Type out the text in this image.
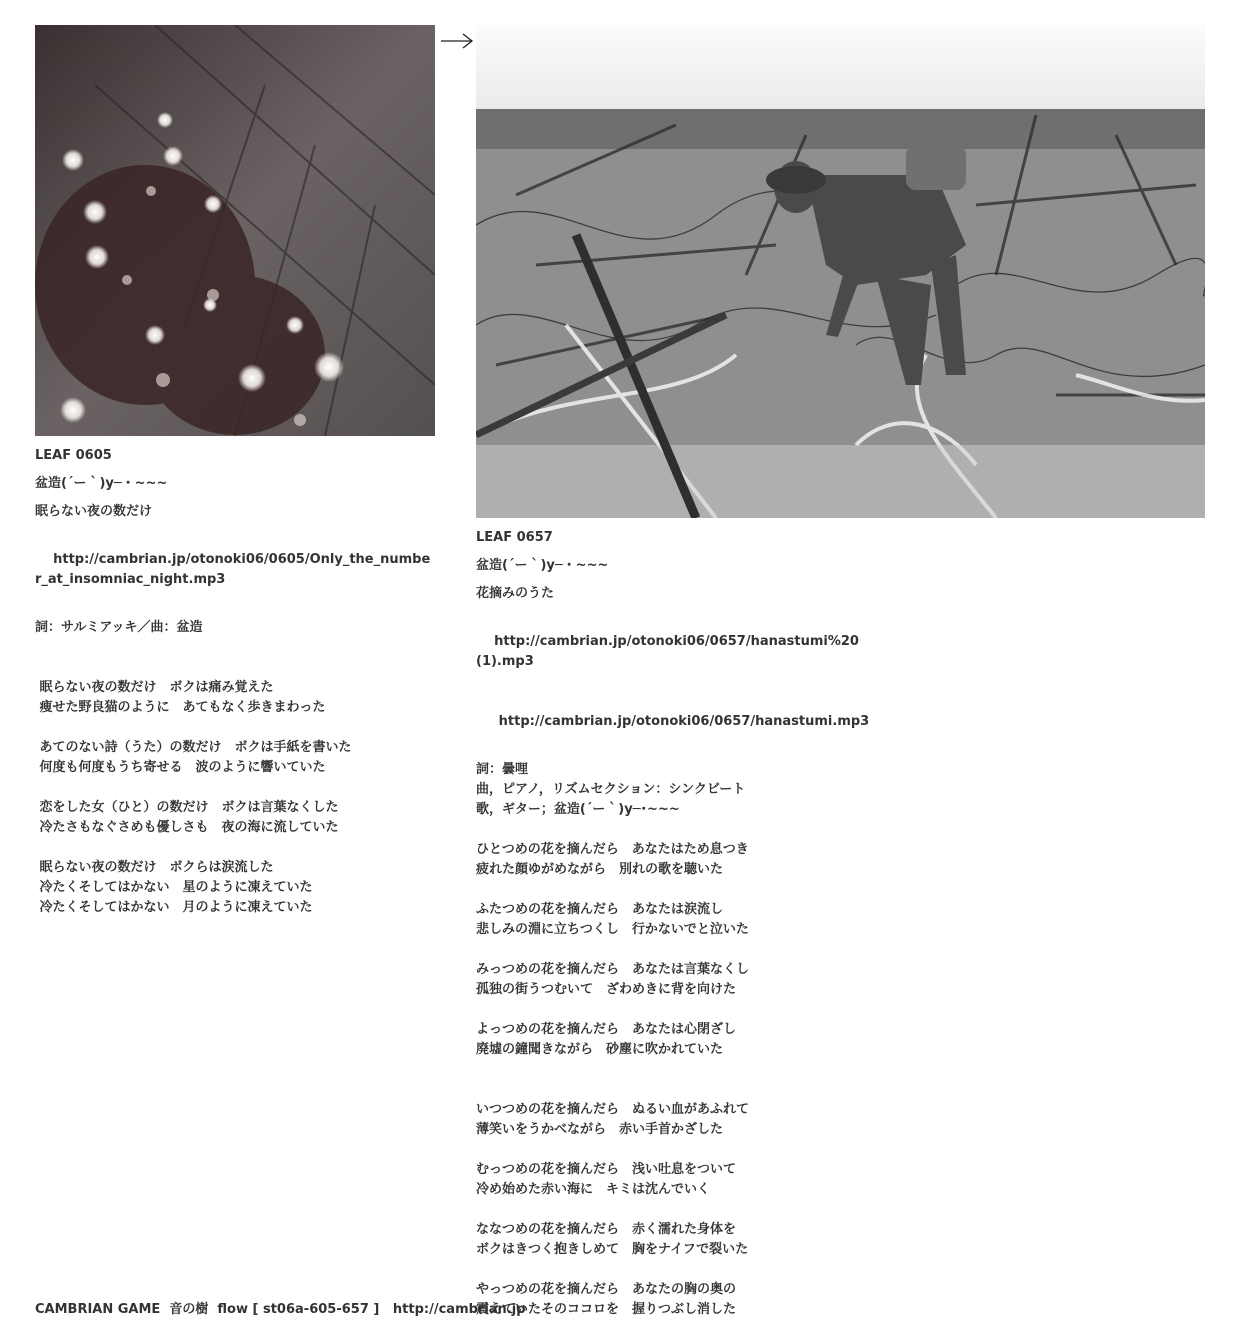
LEAF 0605

盆造(´ー｀)y─・~~~

眠らない夜の数だけ

http://cambrian.jp/otonoki06/0605/Only_the_number_at_insomniac_night.mp3

詞：サルミアッキ／曲：盆造

眠らない夜の数だけ　ボクは痛み覚えた
痩せた野良猫のように　あてもなく歩きまわった

あてのない詩（うた）の数だけ　ボクは手紙を書いた
何度も何度もうち寄せる　波のように響いていた

恋をした女（ひと）の数だけ　ボクは言葉なくした
冷たさもなぐさめも優しさも　夜の海に流していた

眠らない夜の数だけ　ボクらは涙流した
冷たくそしてはかない　星のように凍えていた
冷たくそしてはかない　月のように凍えていた

LEAF 0657

盆造(´ー｀)y─・~~~

花摘みのうた

http://cambrian.jp/otonoki06/0657/hanastumi%20(1).mp3

http://cambrian.jp/otonoki06/0657/hanastumi.mp3

詞：曇哩

曲，ピアノ，リズムセクション：シンクビート

歌，ギター；盆造(´ー｀)y─･~~~

ひとつめの花を摘んだら　あなたはため息つき
疲れた顔ゆがめながら　別れの歌を聴いた

ふたつめの花を摘んだら　あなたは涙流し
悲しみの淵に立ちつくし　行かないでと泣いた

みっつめの花を摘んだら　あなたは言葉なくし
孤独の街うつむいて　ざわめきに背を向けた

よっつめの花を摘んだら　あなたは心閉ざし
廃墟の鐘聞きながら　砂塵に吹かれていた

いつつめの花を摘んだら　ぬるい血があふれて
薄笑いをうかべながら　赤い手首かざした

むっつめの花を摘んだら　浅い吐息をついて
冷め始めた赤い海に　キミは沈んでいく

ななつめの花を摘んだら　赤く濡れた身体を
ボクはきつく抱きしめて　胸をナイフで裂いた

やっつめの花を摘んだら　あなたの胸の奥の
震えていたそのココロを　握りつぶし消した

CAMBRIAN GAME  音の樹  flow [ st06a-605-657 ]   http://cambrian.jp
